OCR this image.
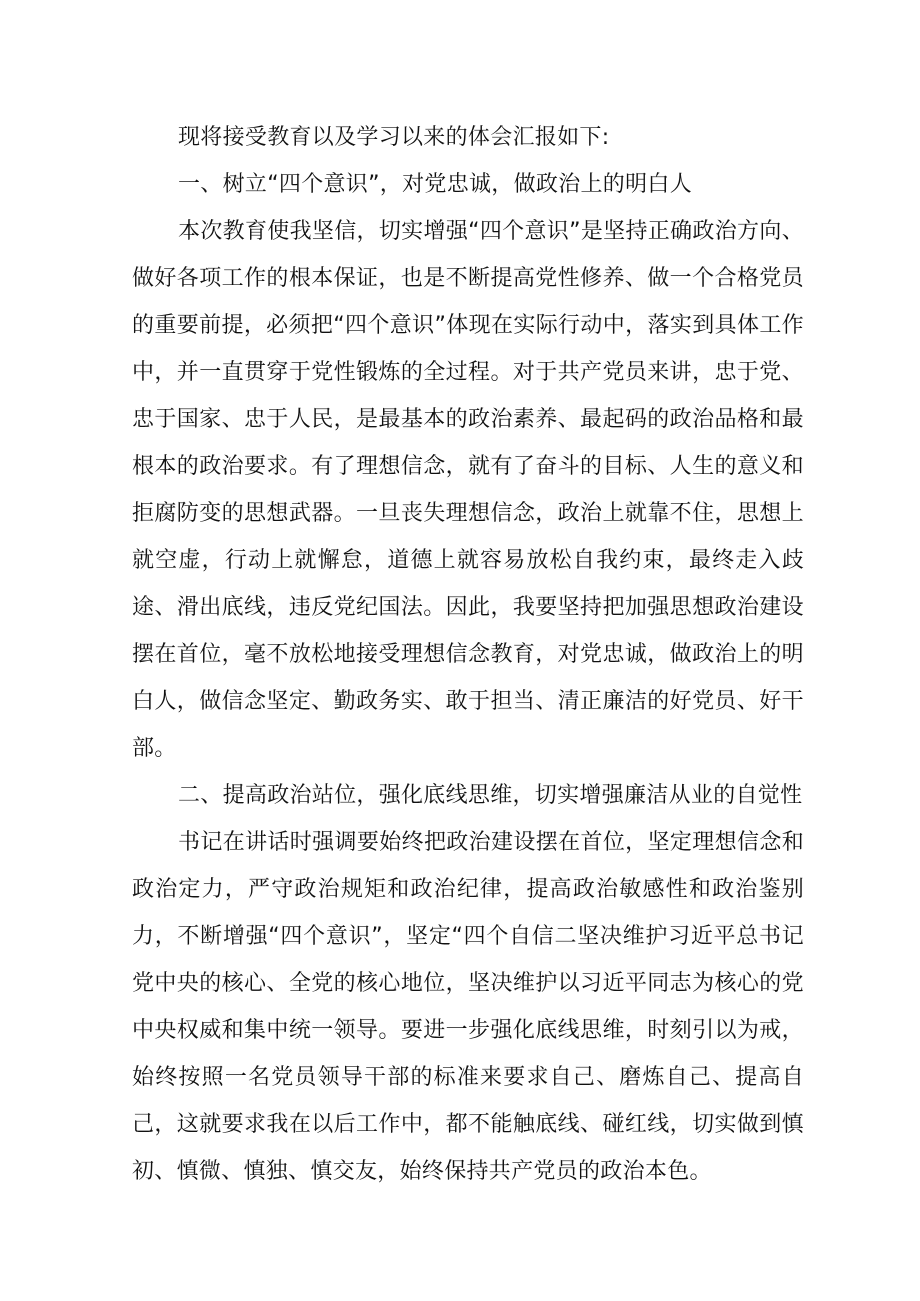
现将接受教育以及学习以来的体会汇报如下:

一、树立“四个意识”，对党忠诚，做政治上的明白人

本次教育使我坚信，切实增强“四个意识”是坚持正确政治方向、做好各项工作的根本保证，也是不断提高党性修养、做一个合格党员的重要前提，必须把“四个意识”体现在实际行动中，落实到具体工作中，并一直贯穿于党性锻炼的全过程。对于共产党员来讲，忠于党、忠于国家、忠于人民，是最基本的政治素养、最起码的政治品格和最根本的政治要求。有了理想信念，就有了奋斗的目标、人生的意义和拒腐防变的思想武器。一旦丧失理想信念，政治上就靠不住，思想上就空虚，行动上就懈怠，道德上就容易放松自我约束，最终走入歧途、滑出底线，违反党纪国法。因此，我要坚持把加强思想政治建设摆在首位，毫不放松地接受理想信念教育，对党忠诚，做政治上的明白人，做信念坚定、勤政务实、敢于担当、清正廉洁的好党员、好干部。

二、提高政治站位，强化底线思维，切实增强廉洁从业的自觉性

书记在讲话时强调要始终把政治建设摆在首位，坚定理想信念和政治定力，严守政治规矩和政治纪律，提高政治敏感性和政治鉴别力，不断增强“四个意识”，坚定“四个自信二坚决维护习近平总书记党中央的核心、全党的核心地位，坚决维护以习近平同志为核心的党中央权威和集中统一领导。要进一步强化底线思维，时刻引以为戒，始终按照一名党员领导干部的标准来要求自己、磨炼自己、提高自己，这就要求我在以后工作中，都不能触底线、碰红线，切实做到慎初、慎微、慎独、慎交友，始终保持共产党员的政治本色。
